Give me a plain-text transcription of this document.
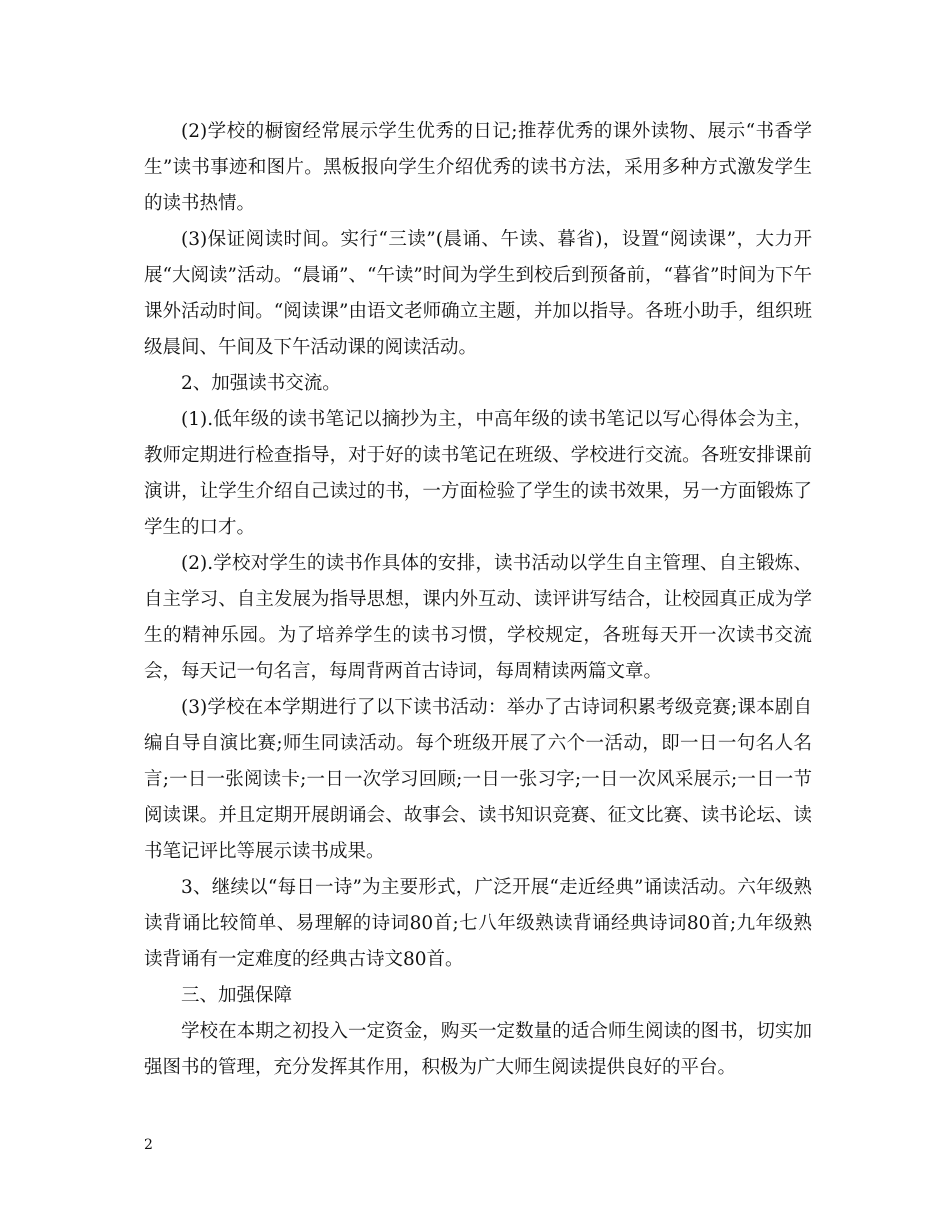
(2)学校的橱窗经常展示学生优秀的日记;推荐优秀的课外读物、展示“书香学生”读书事迹和图片。黑板报向学生介绍优秀的读书方法，采用多种方式激发学生的读书热情。

(3)保证阅读时间。实行“三读”(晨诵、午读、暮省)，设置“阅读课”，大力开展“大阅读”活动。“晨诵”、“午读”时间为学生到校后到预备前，“暮省”时间为下午课外活动时间。“阅读课”由语文老师确立主题，并加以指导。各班小助手，组织班级晨间、午间及下午活动课的阅读活动。

2、加强读书交流。

(1).低年级的读书笔记以摘抄为主，中高年级的读书笔记以写心得体会为主，教师定期进行检查指导，对于好的读书笔记在班级、学校进行交流。各班安排课前演讲，让学生介绍自己读过的书，一方面检验了学生的读书效果，另一方面锻炼了学生的口才。

(2).学校对学生的读书作具体的安排，读书活动以学生自主管理、自主锻炼、自主学习、自主发展为指导思想，课内外互动、读评讲写结合，让校园真正成为学生的精神乐园。为了培养学生的读书习惯，学校规定，各班每天开一次读书交流会，每天记一句名言，每周背两首古诗词，每周精读两篇文章。

(3)学校在本学期进行了以下读书活动：举办了古诗词积累考级竞赛;课本剧自编自导自演比赛;师生同读活动。每个班级开展了六个一活动，即一日一句名人名言;一日一张阅读卡;一日一次学习回顾;一日一张习字;一日一次风采展示;一日一节阅读课。并且定期开展朗诵会、故事会、读书知识竞赛、征文比赛、读书论坛、读书笔记评比等展示读书成果。

3、继续以“每日一诗”为主要形式，广泛开展“走近经典”诵读活动。六年级熟读背诵比较简单、易理解的诗词80首;七八年级熟读背诵经典诗词80首;九年级熟读背诵有一定难度的经典古诗文80首。

三、加强保障

学校在本期之初投入一定资金，购买一定数量的适合师生阅读的图书，切实加强图书的管理，充分发挥其作用，积极为广大师生阅读提供良好的平台。

2
